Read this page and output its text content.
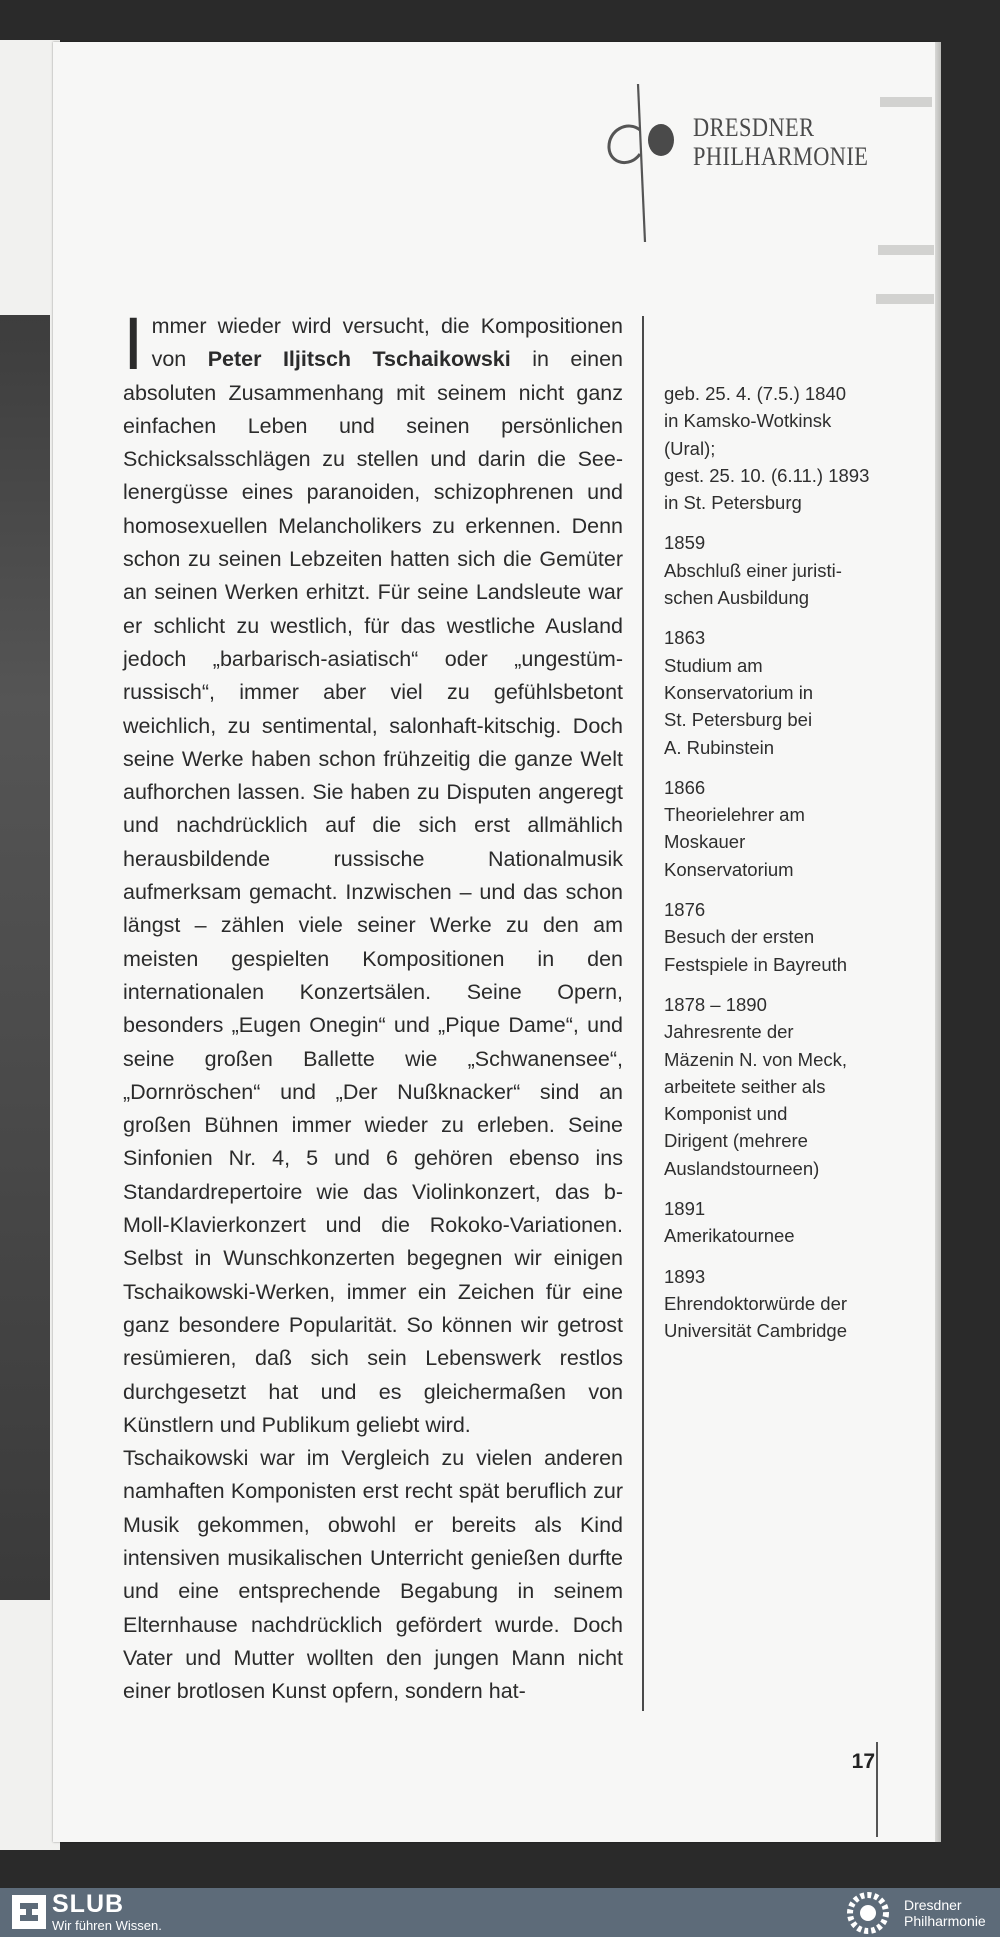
DRESDNER
PHILHARMONIE

Immer wieder wird versucht, die Kompositionen von Peter Iljitsch Tschaikowski in einen absoluten Zusammenhang mit seinem nicht ganz einfachen Leben und seinen persönlichen Schicksalsschlägen zu stellen und darin die Seelenergüsse eines paranoiden, schizophrenen und homosexuellen Melancholikers zu erkennen. Denn schon zu seinen Lebzeiten hatten sich die Gemüter an seinen Werken erhitzt. Für seine Landsleute war er schlicht zu westlich, für das westliche Ausland jedoch „barbarisch-asiatisch“ oder „ungestüm-russisch“, immer aber viel zu gefühlsbetont weichlich, zu sentimental, salonhaft-kitschig. Doch seine Werke haben schon frühzeitig die ganze Welt aufhorchen lassen. Sie haben zu Disputen angeregt und nachdrücklich auf die sich erst allmählich herausbildende russische Nationalmusik aufmerksam gemacht. Inzwischen – und das schon längst – zählen viele seiner Werke zu den am meisten gespielten Kompositionen in den internationalen Konzertsälen. Seine Opern, besonders „Eugen Onegin“ und „Pique Dame“, und seine großen Ballette wie „Schwanensee“, „Dornröschen“ und „Der Nußknacker“ sind an großen Bühnen immer wieder zu erleben. Seine Sinfonien Nr. 4, 5 und 6 gehören ebenso ins Standardrepertoire wie das Violinkonzert, das b-Moll-Klavierkonzert und die Rokoko-Variationen. Selbst in Wunschkonzerten begegnen wir einigen Tschaikowski-Werken, immer ein Zeichen für eine ganz besondere Popularität. So können wir getrost resümieren, daß sich sein Lebenswerk restlos durchgesetzt hat und es gleichermaßen von Künstlern und Publikum geliebt wird.

Tschaikowski war im Vergleich zu vielen anderen namhaften Komponisten erst recht spät beruflich zur Musik gekommen, obwohl er bereits als Kind intensiven musikalischen Unterricht genießen durfte und eine entsprechende Begabung in seinem Elternhause nachdrücklich gefördert wurde. Doch Vater und Mutter wollten den jungen Mann nicht einer brotlosen Kunst opfern, sondern hat-

geb. 25. 4. (7.5.) 1840
in Kamsko-Wotkinsk
(Ural);
gest. 25. 10. (6.11.) 1893
in St. Petersburg
1859
Abschluß einer juristi-
schen Ausbildung
1863
Studium am
Konservatorium in
St. Petersburg bei
A. Rubinstein
1866
Theorielehrer am
Moskauer
Konservatorium
1876
Besuch der ersten
Festspiele in Bayreuth
1878 – 1890
Jahresrente der
Mäzenin N. von Meck,
arbeitete seither als
Komponist und
Dirigent (mehrere
Auslandstourneen)
1891
Amerikatournee
1893
Ehrendoktorwürde der
Universität Cambridge
17
SLUB
Wir führen Wissen.
Dresdner
Philharmonie
